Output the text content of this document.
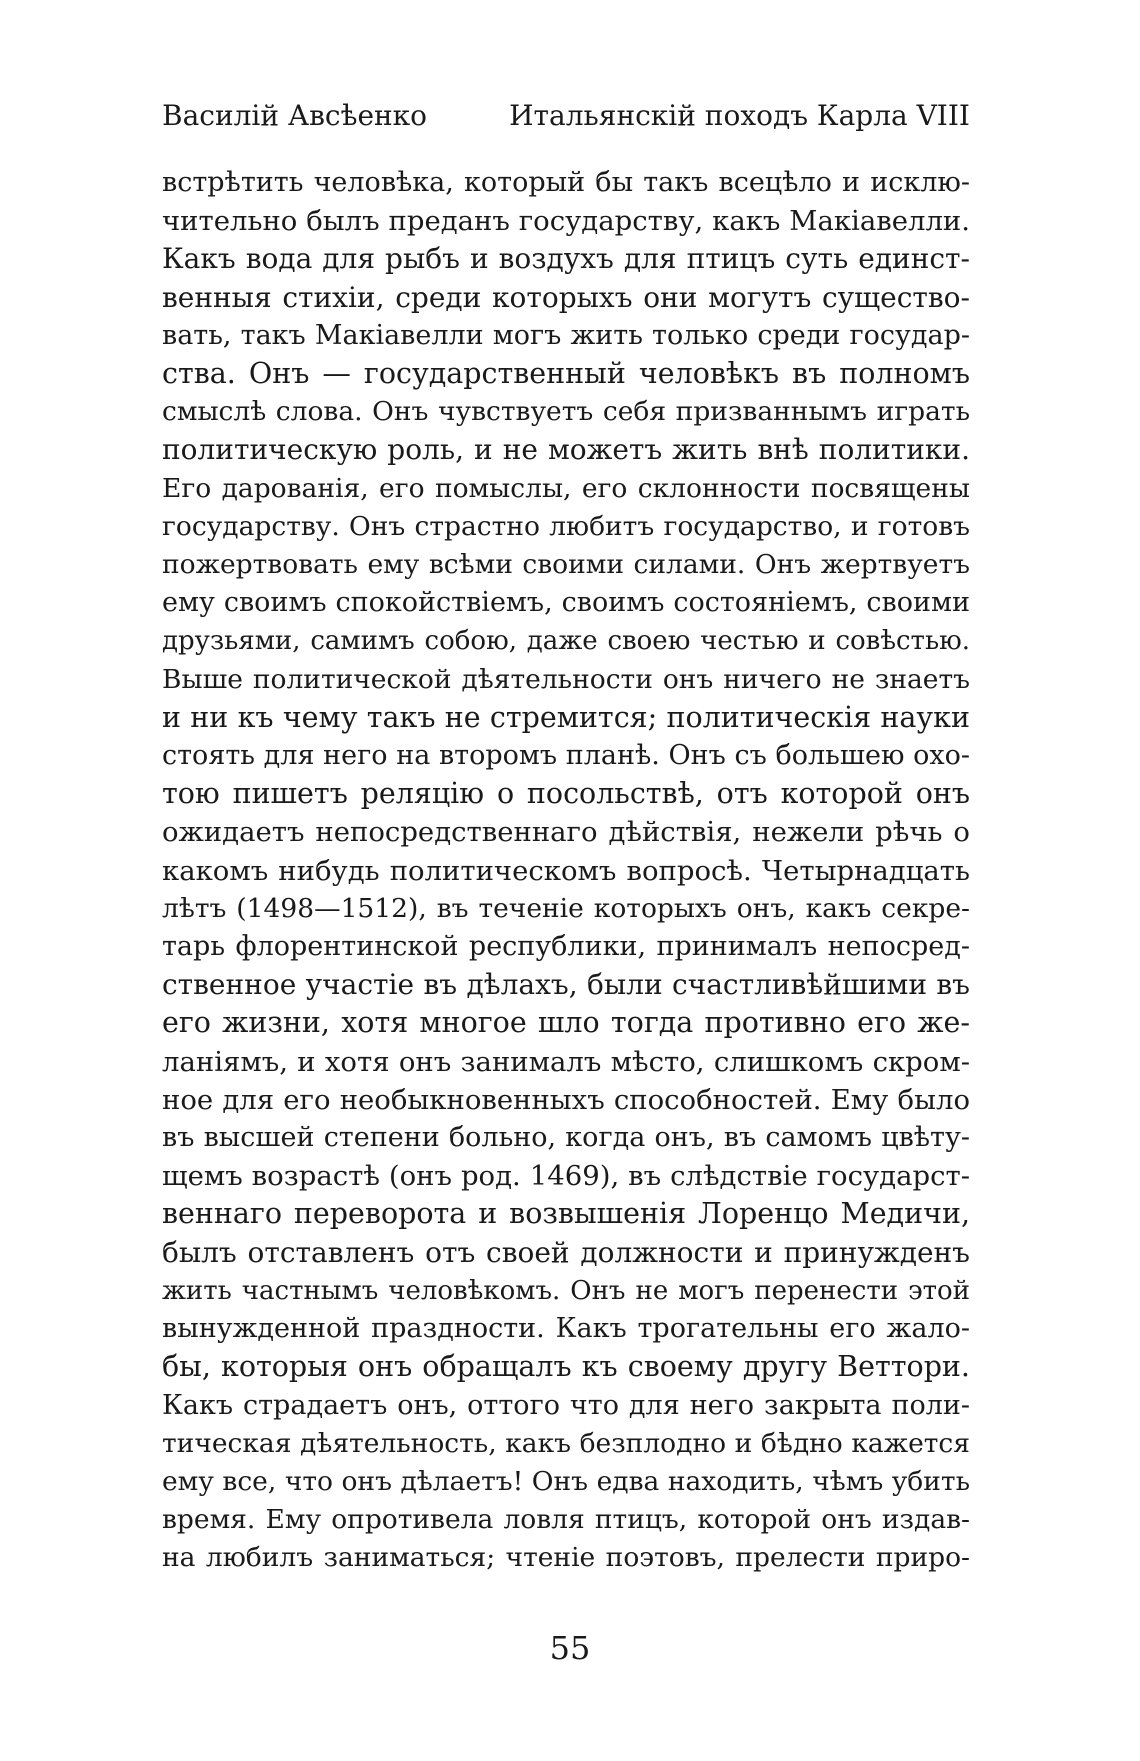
Василій Авсѣенко	Итальянскій походъ Карла VIII
встрѣтить человѣка, который бы такъ всецѣло и исклю-
чительно былъ преданъ государству, какъ Макіавелли.
Какъ вода для рыбъ и воздухъ для птицъ суть единст-
венныя стихіи, среди которыхъ они могутъ существо-
вать, такъ Макіавелли могъ жить только среди государ-
ства. Онъ — государственный человѣкъ въ полномъ
смыслѣ слова. Онъ чувствуетъ себя призваннымъ играть
политическую роль, и не можетъ жить внѣ политики.
Его дарованія, его помыслы, его склонности посвящены
государству. Онъ страстно любитъ государство, и готовъ
пожертвовать ему всѣми своими силами. Онъ жертвуетъ
ему своимъ спокойствіемъ, своимъ состояніемъ, своими
друзьями, самимъ собою, даже своею честью и совѣстью.
Выше политической дѣятельности онъ ничего не знаетъ
и ни къ чему такъ не стремится; политическія науки
стоять для него на второмъ планѣ. Онъ съ большею охо-
тою пишетъ реляцію о посольствѣ, отъ которой онъ
ожидаетъ непосредственнаго дѣйствія, нежели рѣчь о
какомъ нибудь политическомъ вопросѣ. Четырнадцать
лѣтъ (1498—1512), въ теченіе которыхъ онъ, какъ секре-
тарь флорентинской республики, принималъ непосред-
ственное участіе въ дѣлахъ, были счастливѣйшими въ
его жизни, хотя многое шло тогда противно его же-
ланіямъ, и хотя онъ занималъ мѣсто, слишкомъ скром-
ное для его необыкновенныхъ способностей. Ему было
въ высшей степени больно, когда онъ, въ самомъ цвѣту-
щемъ возрастѣ (онъ род. 1469), въ слѣдствіе государст-
веннаго переворота и возвышенія Лоренцо Медичи,
былъ отставленъ отъ своей должности и принужденъ
жить частнымъ человѣкомъ. Онъ не могъ перенести этой
вынужденной праздности. Какъ трогательны его жало-
бы, которыя онъ обращалъ къ своему другу Веттори.
Какъ страдаетъ онъ, оттого что для него закрыта поли-
тическая дѣятельность, какъ безплодно и бѣдно кажется
ему все, что онъ дѣлаетъ! Онъ едва находить, чѣмъ убить
время. Ему опротивела ловля птицъ, которой онъ издав-
на любилъ заниматься; чтеніе поэтовъ, прелести приро-
55
